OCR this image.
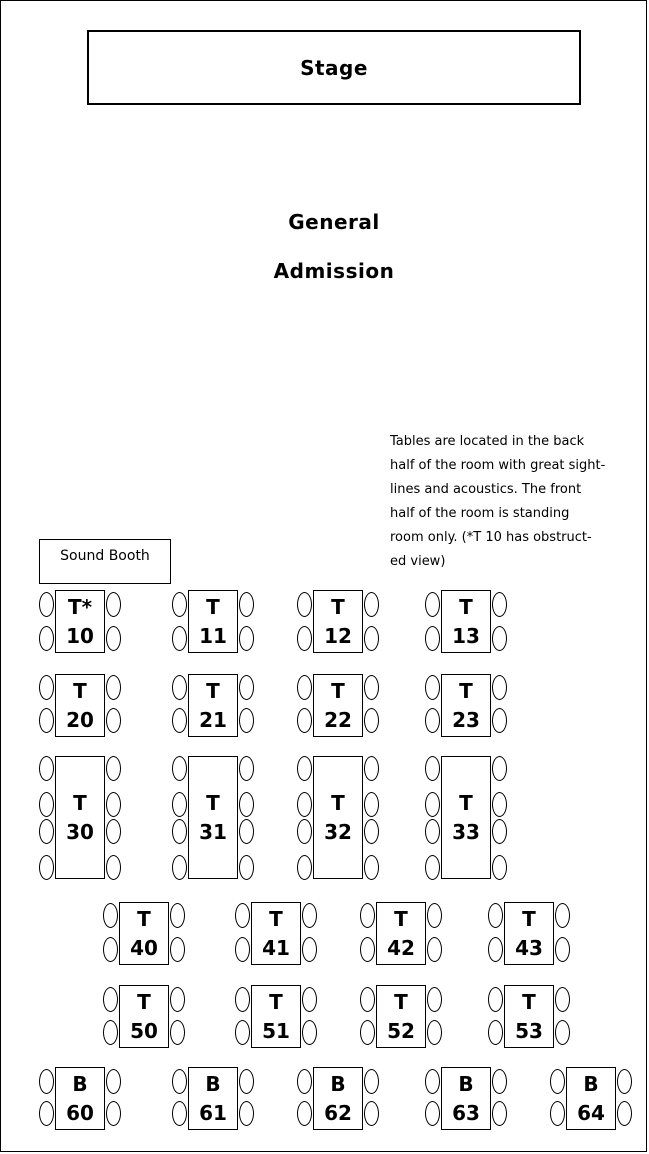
Stage
General
Admission
Tables are located in the back
half of the room with great sight-
lines and acoustics. The front
half of the room is standing
room only. (*T 10 has obstruct-
ed view)
Sound Booth
T*
10
T
11
T
12
T
13
T
20
T
21
T
22
T
23
T
30
T
31
T
32
T
33
T
40
T
41
T
42
T
43
T
50
T
51
T
52
T
53
B
60
B
61
B
62
B
63
B
64
